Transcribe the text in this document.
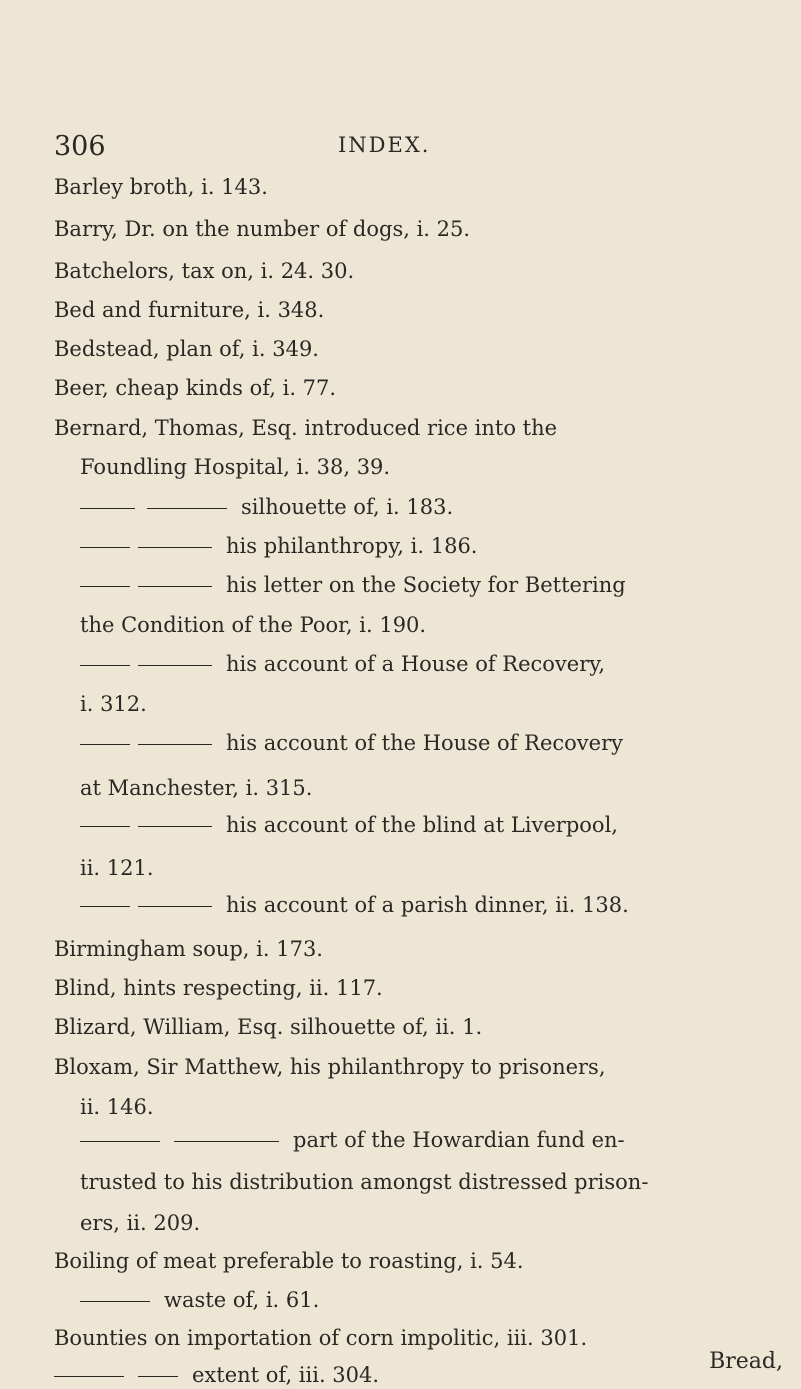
306	INDEX.
Barley broth, i. 143.
Barry, Dr. on the number of dogs, i. 25.
Batchelors, tax on, i. 24. 30.
Bed and furniture, i. 348.
Bedstead, plan of, i. 349.
Beer, cheap kinds of, i. 77.
Bernard, Thomas, Esq. introduced rice into the
Foundling Hospital, i. 38, 39.
silhouette of, i. 183.
his philanthropy, i. 186.
his letter on the Society for Bettering
the Condition of the Poor, i. 190.
his account of a House of Recovery,
i. 312.
his account of the House of Recovery
at Manchester, i. 315.
his account of the blind at Liverpool,
ii. 121.
his account of a parish dinner, ii. 138.
Birmingham soup, i. 173.
Blind, hints respecting, ii. 117.
Blizard, William, Esq. silhouette of, ii. 1.
Bloxam, Sir Matthew, his philanthropy to prisoners,
ii. 146.
part of the Howardian fund en-
trusted to his distribution amongst distressed prison-
ers, ii. 209.
Boiling of meat preferable to roasting, i. 54.
waste of, i. 61.
Bounties on importation of corn impolitic, iii. 301.
extent of, iii. 304.
Bread,
